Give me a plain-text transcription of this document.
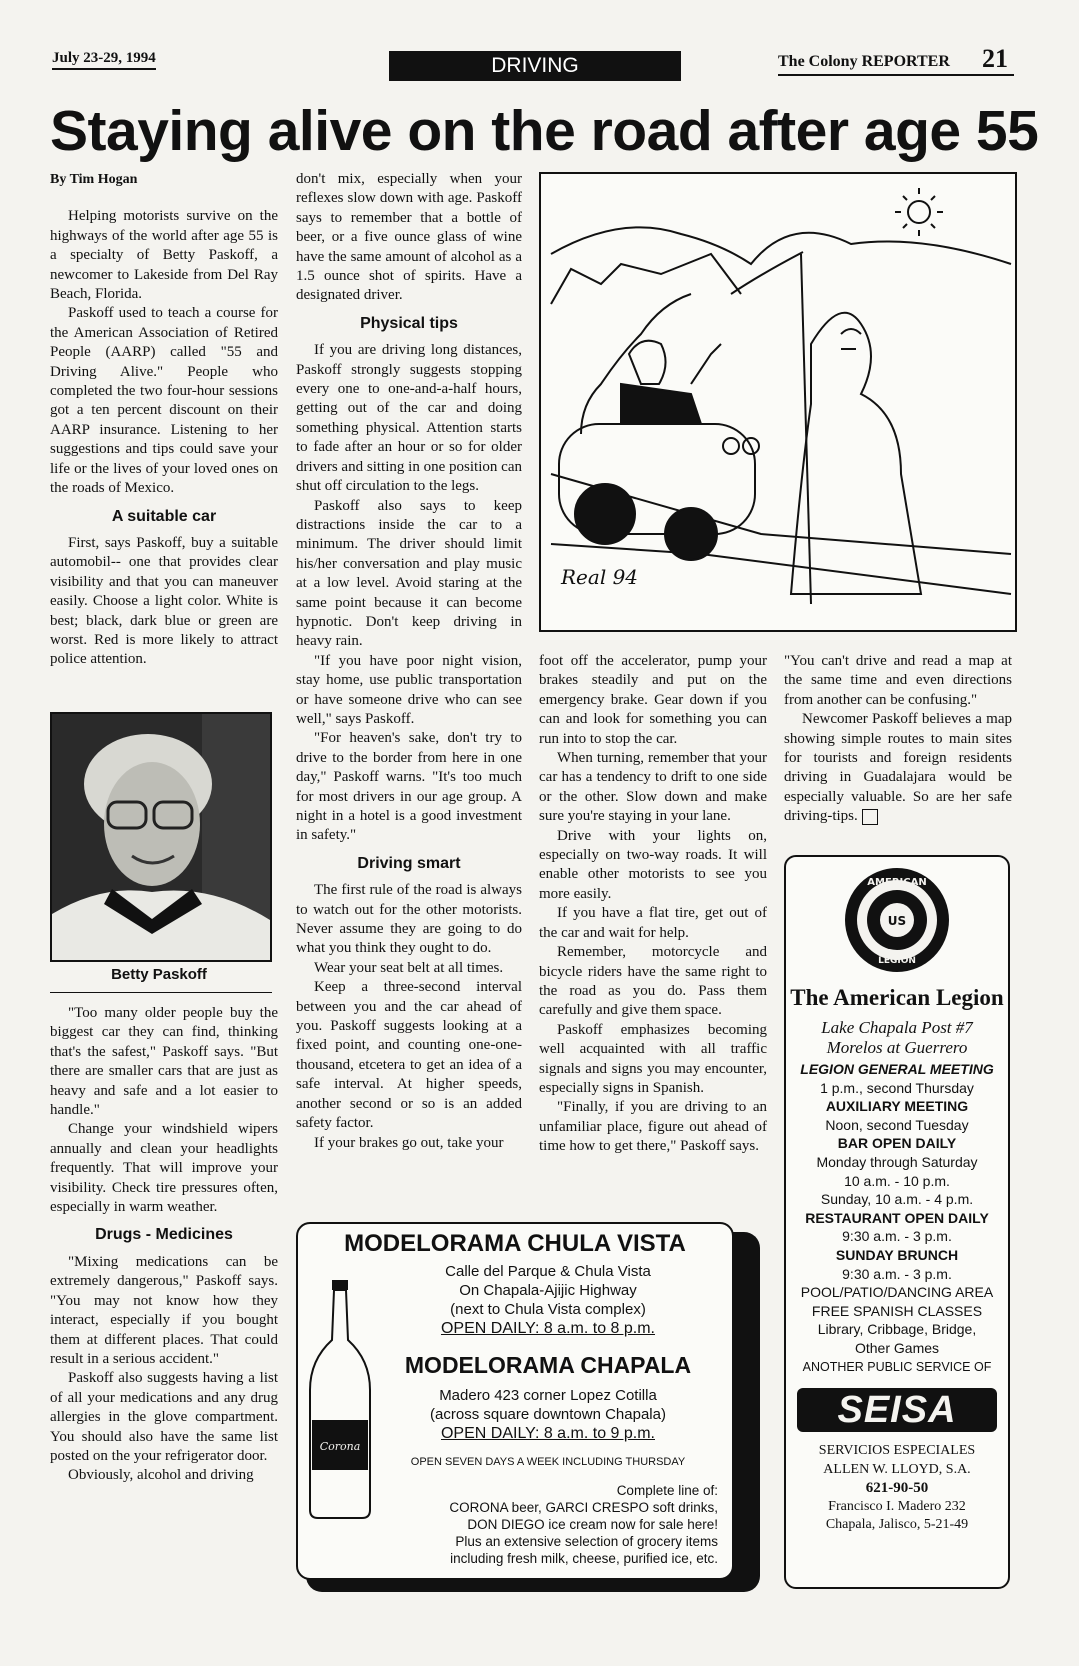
July 23-29, 1994	DRIVING	The Colony REPORTER 21
Staying alive on the road after age 55
By Tim Hogan

Helping motorists survive on the highways of the world after age 55 is a specialty of Betty Paskoff, a newcomer to Lakeside from Del Ray Beach, Florida.

Paskoff used to teach a course for the American Association of Retired People (AARP) called "55 and Driving Alive." People who completed the two four-hour sessions got a ten percent discount on their AARP insurance. Listening to her suggestions and tips could save your life or the lives of your loved ones on the roads of Mexico.

A suitable car

First, says Paskoff, buy a suitable automobil-- one that provides clear visibility and that you can maneuver easily. Choose a light color. White is best; black, dark blue or green are worst. Red is more likely to attract police attention.

Betty Paskoff

"Too many older people buy the biggest car they can find, thinking that's the safest," Paskoff says. "But there are smaller cars that are just as heavy and safe and a lot easier to handle."

Change your windshield wipers annually and clean your headlights frequently. That will improve your visibility. Check tire pressures often, especially in warm weather.

Drugs - Medicines

"Mixing medications can be extremely dangerous," Paskoff says. "You may not know how they interact, especially if you bought them at different places. That could result in a serious accident."

Paskoff also suggests having a list of all your medications and any drug allergies in the glove compartment. You should also have the same list posted on the your refrigerator door.

Obviously, alcohol and driving

don't mix, especially when your reflexes slow down with age. Paskoff says to remember that a bottle of beer, or a five ounce glass of wine have the same amount of alcohol as a 1.5 ounce shot of spirits. Have a designated driver.

Physical tips

If you are driving long distances, Paskoff strongly suggests stopping every one to one-and-a-half hours, getting out of the car and doing something physical. Attention starts to fade after an hour or so for older drivers and sitting in one position can shut off circulation to the legs.

Paskoff also says to keep distractions inside the car to a minimum. The driver should limit his/her conversation and play music at a low level. Avoid staring at the same point because it can become hypnotic. Don't keep driving in heavy rain.

"If you have poor night vision, stay home, use public transportation or have someone drive who can see well," says Paskoff.

"For heaven's sake, don't try to drive to the border from here in one day," Paskoff warns. "It's too much for most drivers in our age group. A night in a hotel is a good investment in safety."

Driving smart

The first rule of the road is always to watch out for the other motorists. Never assume they are going to do what you think they ought to do.

Wear your seat belt at all times.

Keep a three-second interval between you and the car ahead of you. Paskoff suggests looking at a fixed point, and counting one-one-thousand, etcetera to get an idea of a safe interval. At higher speeds, another second or so is an added safety factor.

If your brakes go out, take your

Real 94

foot off the accelerator, pump your brakes steadily and put on the emergency brake. Gear down if you can and look for something you can run into to stop the car.

When turning, remember that your car has a tendency to drift to one side or the other. Slow down and make sure you're staying in your lane.

Drive with your lights on, especially on two-way roads. It will enable other motorists to see you more easily.

If you have a flat tire, get out of the car and wait for help.

Remember, motorcycle and bicycle riders have the same right to the road as you do. Pass them carefully and give them space.

Paskoff emphasizes becoming well acquainted with all traffic signals and signs you may encounter, especially signs in Spanish.

"Finally, if you are driving to an unfamiliar place, figure out ahead of time how to get there," Paskoff says.

"You can't drive and read a map at the same time and even directions from another can be confusing."

Newcomer Paskoff believes a map showing simple routes to main sites for tourists and foreign residents driving in Guadalajara would be especially valuable. So are her safe driving-tips.

AMERICAN
US
LEGION
The American Legion
Lake Chapala Post #7
Morelos at Guerrero
LEGION GENERAL MEETING
1 p.m., second Thursday
AUXILIARY MEETING
Noon, second Tuesday
BAR OPEN DAILY
Monday through Saturday
10 a.m. - 10 p.m.
Sunday, 10 a.m. - 4 p.m.
RESTAURANT OPEN DAILY
9:30 a.m. - 3 p.m.
SUNDAY BRUNCH
9:30 a.m. - 3 p.m.
POOL/PATIO/DANCING AREA
FREE SPANISH CLASSES
Library, Cribbage, Bridge,
Other Games
ANOTHER PUBLIC SERVICE OF
SEISA
SERVICIOS ESPECIALES
ALLEN W. LLOYD, S.A.
621-90-50
Francisco I. Madero 232
Chapala, Jalisco, 5-21-49
Corona
MODELORAMA CHULA VISTA
Calle del Parque & Chula Vista
On Chapala-Ajijic Highway
(next to Chula Vista complex)
OPEN DAILY: 8 a.m. to 8 p.m.
MODELORAMA CHAPALA
Madero 423 corner Lopez Cotilla
(across square downtown Chapala)
OPEN DAILY: 8 a.m. to 9 p.m.
OPEN SEVEN DAYS A WEEK INCLUDING THURSDAY
Complete line of:
CORONA beer, GARCI CRESPO soft drinks,
DON DIEGO ice cream now for sale here!
Plus an extensive selection of grocery items
including fresh milk, cheese, purified ice, etc.
